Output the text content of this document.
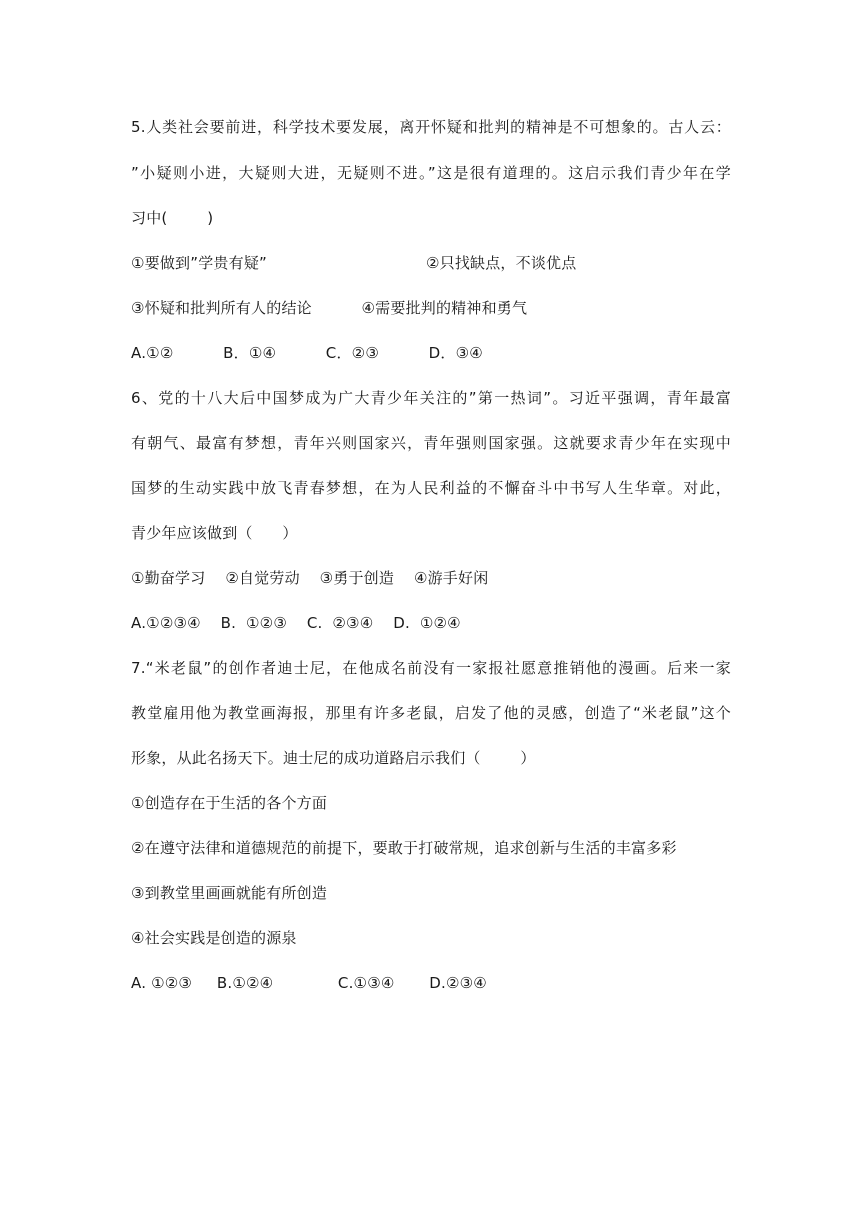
5.人类社会要前进，科学技术要发展，离开怀疑和批判的精神是不可想象的。古人云：
”小疑则小进，大疑则大进，无疑则不进。”这是很有道理的。这启示我们青少年在学
习中(        )
①要做到”学贵有疑”                                ②只找缺点，不谈优点
③怀疑和批判所有人的结论          ④需要批判的精神和勇气
A.①②          B．①④          C．②③          D．③④
6、党的十八大后中国梦成为广大青少年关注的”第一热词”。习近平强调，青年最富
有朝气、最富有梦想，青年兴则国家兴，青年强则国家强。这就要求青少年在实现中
国梦的生动实践中放飞青春梦想，在为人民利益的不懈奋斗中书写人生华章。对此，
青少年应该做到（      ）
①勤奋学习    ②自觉劳动    ③勇于创造    ④游手好闲
A.①②③④    B.  ①②③    C.  ②③④    D.  ①②④
7.“米老鼠”的创作者迪士尼，在他成名前没有一家报社愿意推销他的漫画。后来一家
教堂雇用他为教堂画海报，那里有许多老鼠，启发了他的灵感，创造了“米老鼠”这个
形象，从此名扬天下。迪士尼的成功道路启示我们（        ）
①创造存在于生活的各个方面
②在遵守法律和道德规范的前提下，要敢于打破常规，追求创新与生活的丰富多彩
③到教堂里画画就能有所创造
④社会实践是创造的源泉
A. ①②③     B.①②④             C.①③④       D.②③④
